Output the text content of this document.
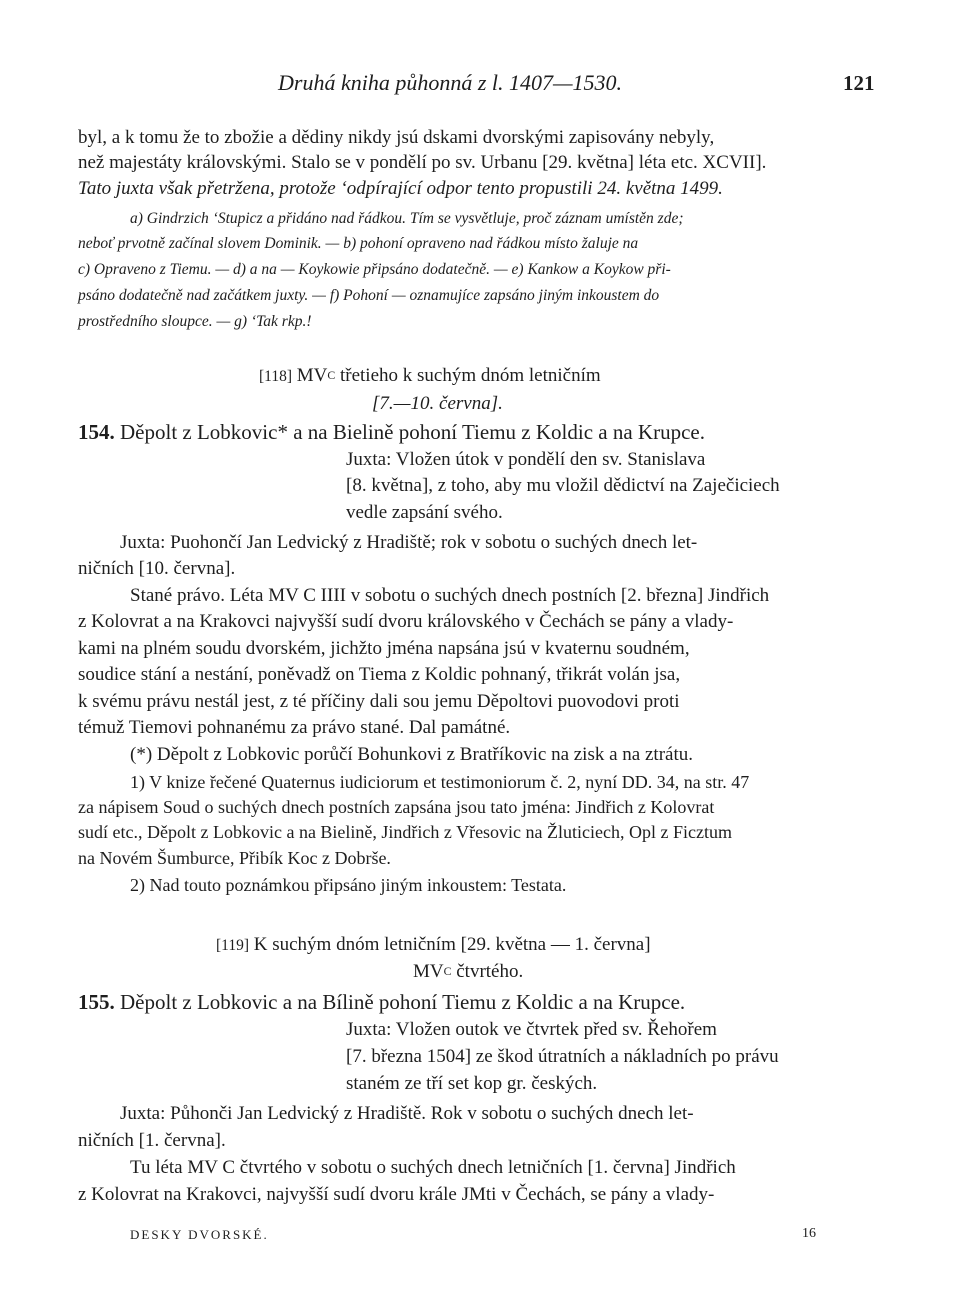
Druhá kniha půhonná z l. 1407—1530.	121
byl, a k tomu že to zbožie a dědiny nikdy jsú dskami dvorskými zapisovány nebyly,
než majestáty královskými. Stalo se v pondělí po sv. Urbanu [29. května] léta etc. XCVII].
Tato juxta však přetržena, protože ‘odpírající odpor tento propustili 24. května 1499.
a) Gindrzich ‘Stupicz a přidáno nad řádkou. Tím se vysvětluje, proč záznam umístěn zde;
neboť prvotně začínal slovem Dominik. — b) pohoní opraveno nad řádkou místo žaluje na
c) Opraveno z Tiemu. — d) a na — Koykowie připsáno dodatečně. — e) Kankow a Koykow při-
psáno dodatečně nad začátkem juxty. — f) Pohoní — oznamujíce zapsáno jiným inkoustem do
prostředního sloupce. — g) ‘Tak rkp.!
[118] $MV^C$ třetieho k suchým dnóm letničním
[7.—10. června].
154. Děpolt z Lobkovic* a na Bielině pohoní Tiemu z Koldic a na Krupce.
Juxta: Vložen útok v pondělí den sv. Stanislava
[8. května], z toho, aby mu vložil dědictví na Zaječiciech
vedle zapsání svého.
Juxta: Puohončí Jan Ledvický z Hradiště; rok v sobotu o suchých dnech let-
ničních [10. června].
Stané právo. Léta MV C IIII v sobotu o suchých dnech postních [2. března] Jindřich
z Kolovrat a na Krakovci najvyšší sudí dvoru královského v Čechách se pány a vlady-
kami na plném soudu dvorském, jichžto jména napsána jsú v kvaternu soudném,
soudice stání a nestání, poněvadž on Tiema z Koldic pohnaný, třikrát volán jsa,
k svému právu nestál jest, z té příčiny dali sou jemu Děpoltovi puovodovi proti
témuž Tiemovi pohnanému za právo stané. Dal památné.
(*) Děpolt z Lobkovic porůčí Bohunkovi z Bratříkovic na zisk a na ztrátu.
1) V knize řečené Quaternus iudiciorum et testimoniorum č. 2, nyní DD. 34, na str. 47
za nápisem Soud o suchých dnech postních zapsána jsou tato jména: Jindřich z Kolovrat
sudí etc., Děpolt z Lobkovic a na Bielině, Jindřich z Vřesovic na Žluticiech, Opl z Ficztum
na Novém Šumburce, Přibík Koc z Dobrše.
2) Nad touto poznámkou připsáno jiným inkoustem: Testata.
[119] K suchým dnóm letničním [29. května — 1. června]
$MV^C$ čtvrtého.
155. Děpolt z Lobkovic a na Bílině pohoní Tiemu z Koldic a na Krupce.
Juxta: Vložen outok ve čtvrtek před sv. Řehořem
[7. března 1504] ze škod útratních a nákladních po právu
staném ze tří set kop gr. českých.
Juxta: Půhonči Jan Ledvický z Hradiště. Rok v sobotu o suchých dnech let-
ničních [1. června].
Tu léta MV C čtvrtého v sobotu o suchých dnech letničních [1. června] Jindřich
z Kolovrat na Krakovci, najvyšší sudí dvoru krále JMti v Čechách, se pány a vlady-
DESKY DVORSKÉ.	16
